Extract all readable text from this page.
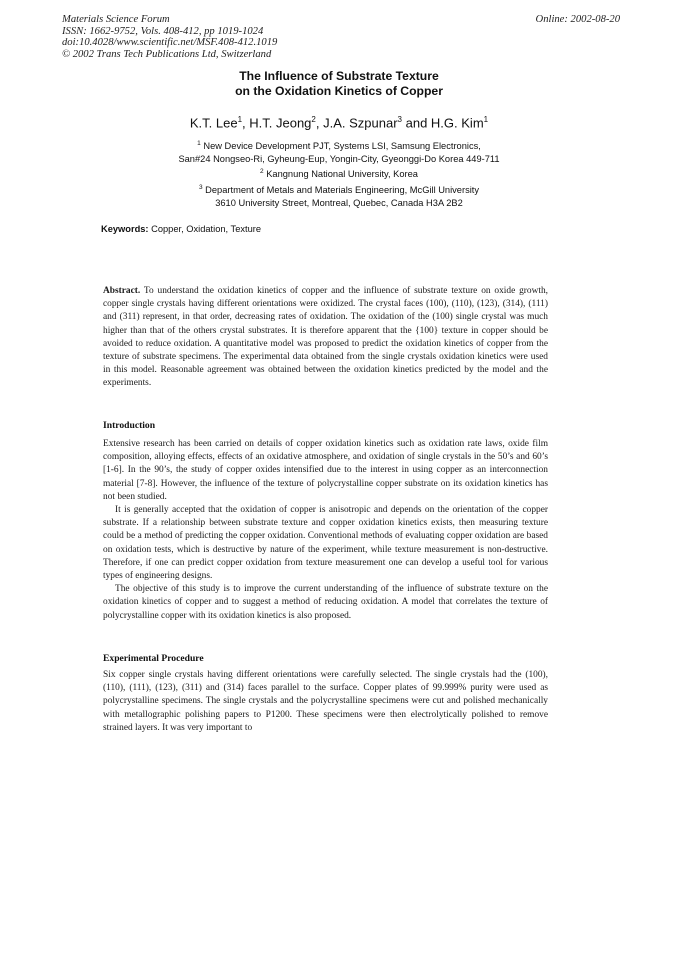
Materials Science Forum
ISSN: 1662-9752, Vols. 408-412, pp 1019-1024
doi:10.4028/www.scientific.net/MSF.408-412.1019
© 2002 Trans Tech Publications Ltd, Switzerland
Online: 2002-08-20
The Influence of Substrate Texture
on the Oxidation Kinetics of Copper
K.T. Lee$^1$, H.T. Jeong$^2$, J.A. Szpunar$^3$ and H.G. Kim$^1$
$^1$ New Device Development PJT, Systems LSI, Samsung Electronics,
San#24 Nongseo-Ri, Gyheung-Eup, Yongin-City, Gyeonggi-Do Korea 449-711
$^2$ Kangnung National University, Korea
$^3$ Department of Metals and Materials Engineering, McGill University
3610 University Street, Montreal, Quebec, Canada H3A 2B2
Keywords: Copper, Oxidation, Texture

Abstract. To understand the oxidation kinetics of copper and the influence of substrate texture on oxide growth, copper single crystals having different orientations were oxidized. The crystal faces (100), (110), (123), (314), (111) and (311) represent, in that order, decreasing rates of oxidation. The oxidation of the (100) single crystal was much higher than that of the others crystal substrates. It is therefore apparent that the {100} texture in copper should be avoided to reduce oxidation. A quantitative model was proposed to predict the oxidation kinetics of copper from the texture of substrate specimens. The experimental data obtained from the single crystals oxidation kinetics were used in this model. Reasonable agreement was obtained between the oxidation kinetics predicted by the model and the experiments.

Introduction

Extensive research has been carried on details of copper oxidation kinetics such as oxidation rate laws, oxide film composition, alloying effects, effects of an oxidative atmosphere, and oxidation of single crystals in the 50’s and 60’s [1-6]. In the 90’s, the study of copper oxides intensified due to the interest in using copper as an interconnection material [7-8]. However, the influence of the texture of polycrystalline copper substrate on its oxidation kinetics has not been studied.

It is generally accepted that the oxidation of copper is anisotropic and depends on the orientation of the copper substrate. If a relationship between substrate texture and copper oxidation kinetics exists, then measuring texture could be a method of predicting the copper oxidation. Conventional methods of evaluating copper oxidation are based on oxidation tests, which is destructive by nature of the experiment, while texture measurement is non-destructive. Therefore, if one can predict copper oxidation from texture measurement one can develop a useful tool for various types of engineering designs.

The objective of this study is to improve the current understanding of the influence of substrate texture on the oxidation kinetics of copper and to suggest a method of reducing oxidation. A model that correlates the texture of polycrystalline copper with its oxidation kinetics is also proposed.

Experimental Procedure

Six copper single crystals having different orientations were carefully selected. The single crystals had the (100), (110), (111), (123), (311) and (314) faces parallel to the surface. Copper plates of 99.999% purity were used as polycrystalline specimens. The single crystals and the polycrystalline specimens were cut and polished mechanically with metallographic polishing papers to P1200. These specimens were then electrolytically polished to remove strained layers. It was very important to
